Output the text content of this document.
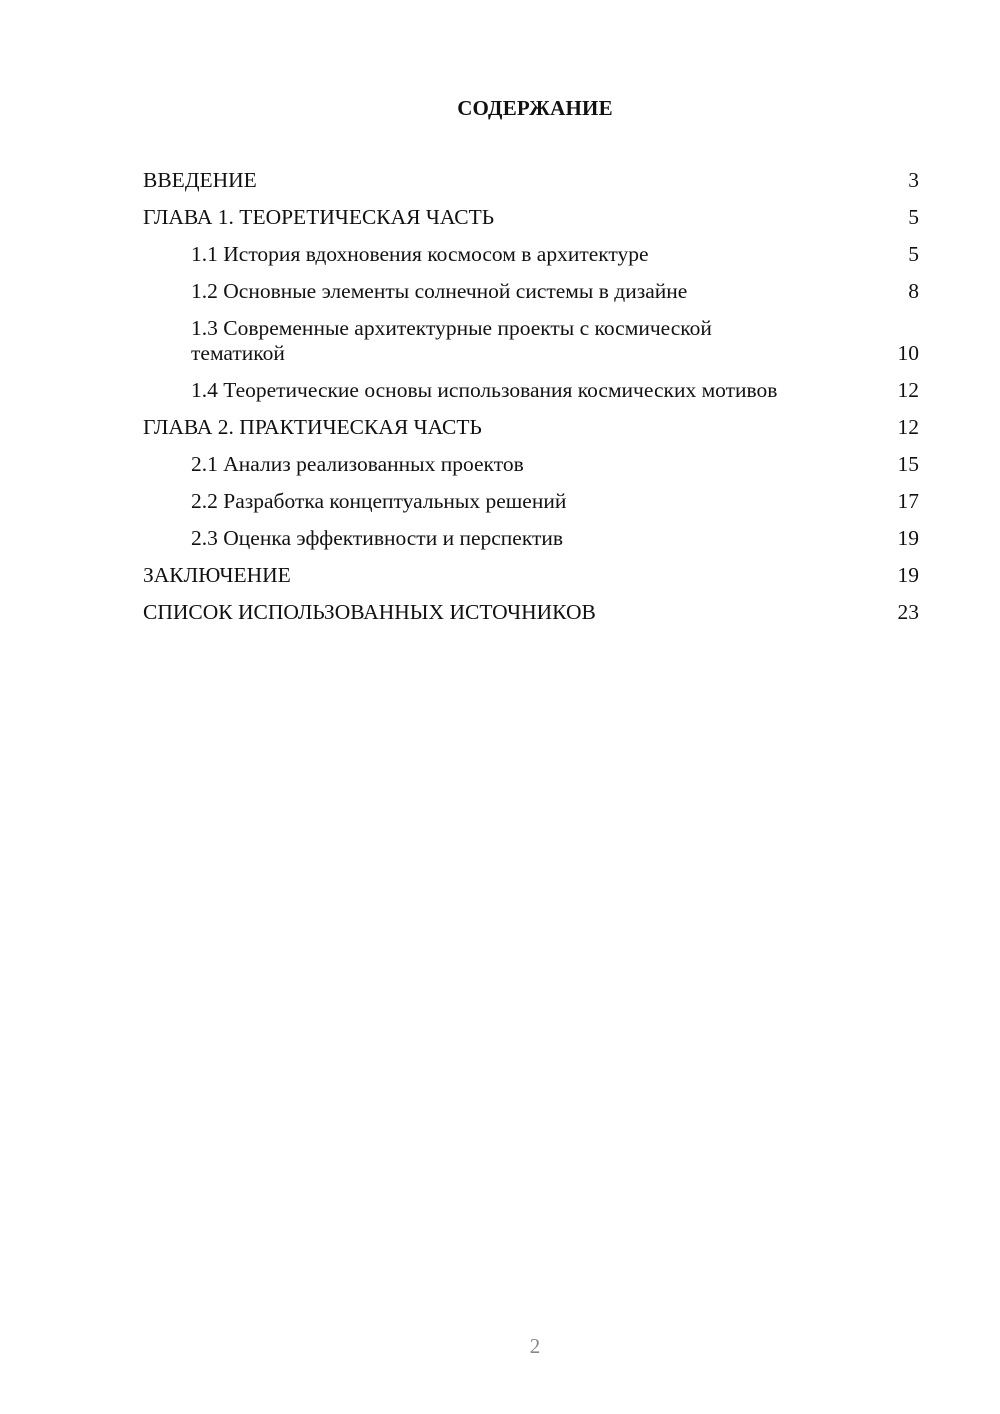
СОДЕРЖАНИЕ
ВВЕДЕНИЕ	3
ГЛАВА 1. ТЕОРЕТИЧЕСКАЯ ЧАСТЬ	5
1.1 История вдохновения космосом в архитектуре	5
1.2 Основные элементы солнечной системы в дизайне	8
1.3 Современные архитектурные проекты с космической тематикой	10
1.4 Теоретические основы использования космических мотивов	12
ГЛАВА 2. ПРАКТИЧЕСКАЯ ЧАСТЬ	12
2.1 Анализ реализованных проектов	15
2.2 Разработка концептуальных решений	17
2.3 Оценка эффективности и перспектив	19
ЗАКЛЮЧЕНИЕ	19
СПИСОК ИСПОЛЬЗОВАННЫХ ИСТОЧНИКОВ	23
2
